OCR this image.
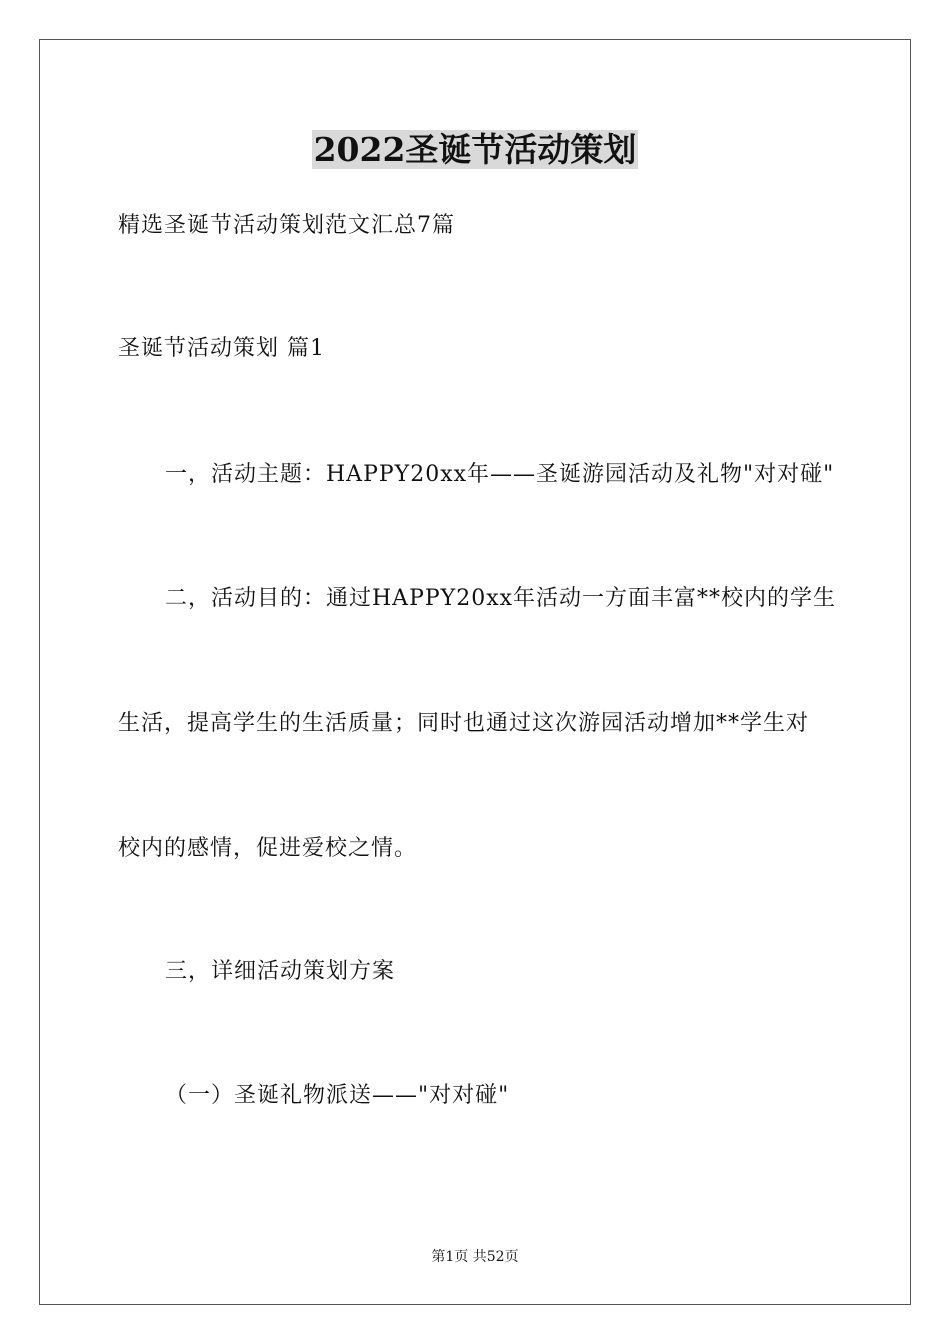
2022圣诞节活动策划

精选圣诞节活动策划范文汇总7篇

圣诞节活动策划 篇1

一，活动主题：HAPPY20xx年——圣诞游园活动及礼物"对对碰"

二，活动目的：通过HAPPY20xx年活动一方面丰富**校内的学生

生活，提高学生的生活质量；同时也通过这次游园活动增加**学生对

校内的感情，促进爱校之情。

三，详细活动策划方案

（一）圣诞礼物派送——"对对碰"

第1页 共52页
